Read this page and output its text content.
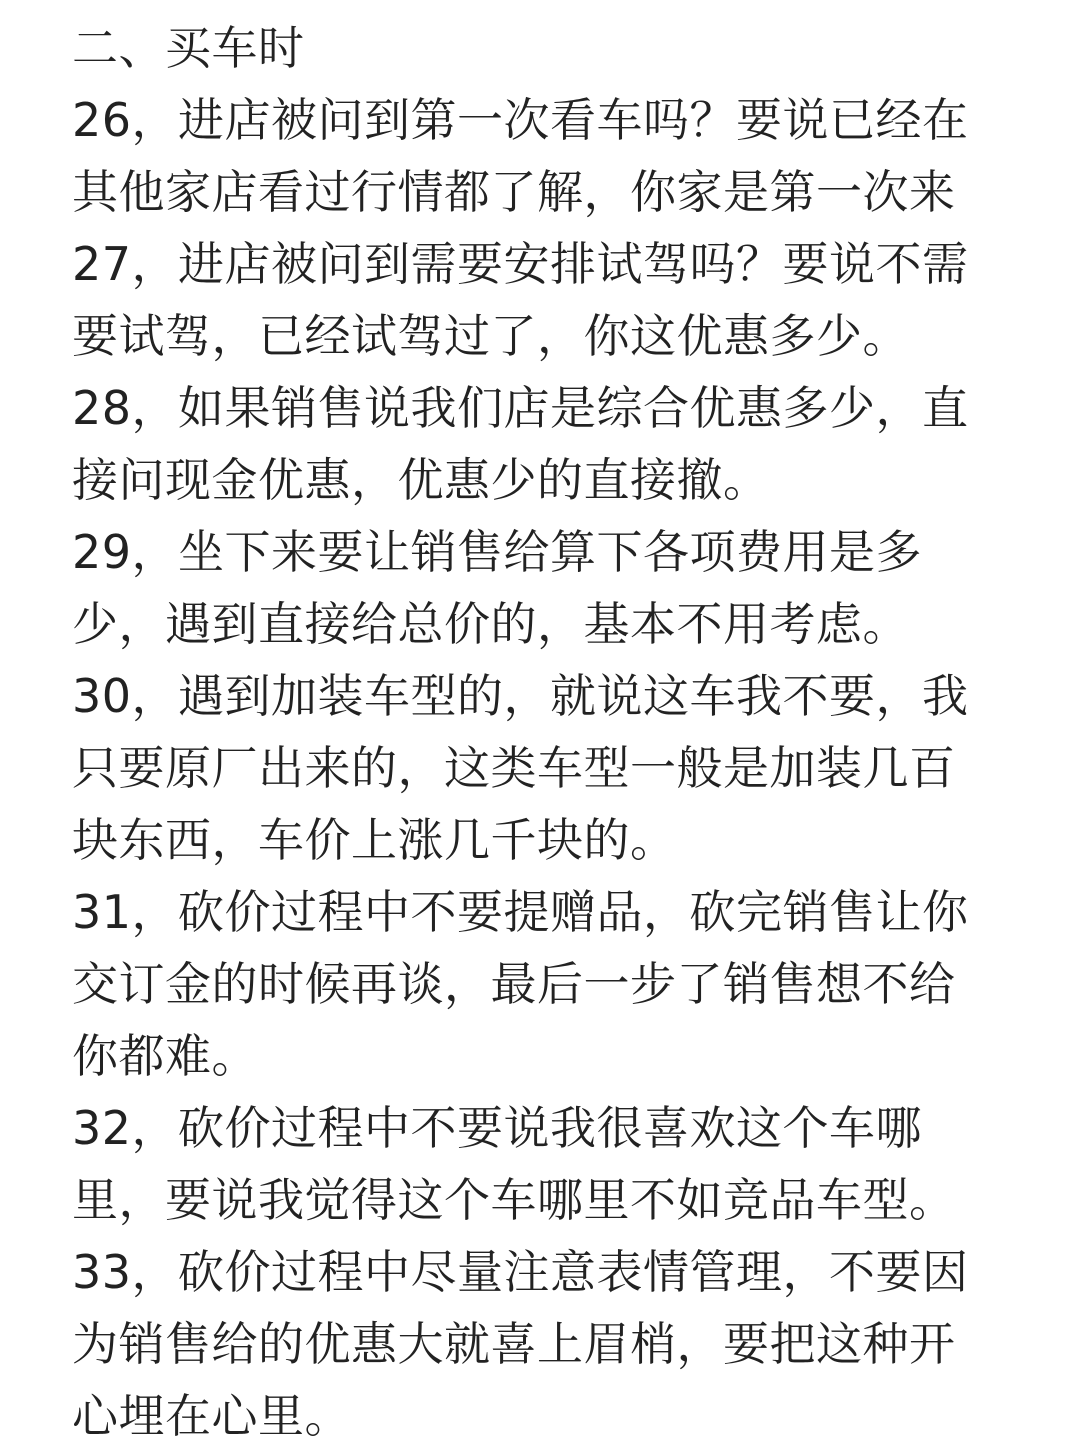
二、买车时
26，进店被问到第一次看车吗？要说已经在
其他家店看过行情都了解，你家是第一次来
27，进店被问到需要安排试驾吗？要说不需
要试驾，已经试驾过了，你这优惠多少。
28，如果销售说我们店是综合优惠多少，直
接问现金优惠，优惠少的直接撤。
29，坐下来要让销售给算下各项费用是多
少，遇到直接给总价的，基本不用考虑。
30，遇到加装车型的，就说这车我不要，我
只要原厂出来的，这类车型一般是加装几百
块东西，车价上涨几千块的。
31，砍价过程中不要提赠品，砍完销售让你
交订金的时候再谈，最后一步了销售想不给
你都难。
32，砍价过程中不要说我很喜欢这个车哪
里，要说我觉得这个车哪里不如竞品车型。
33，砍价过程中尽量注意表情管理，不要因
为销售给的优惠大就喜上眉梢，要把这种开
心埋在心里。
